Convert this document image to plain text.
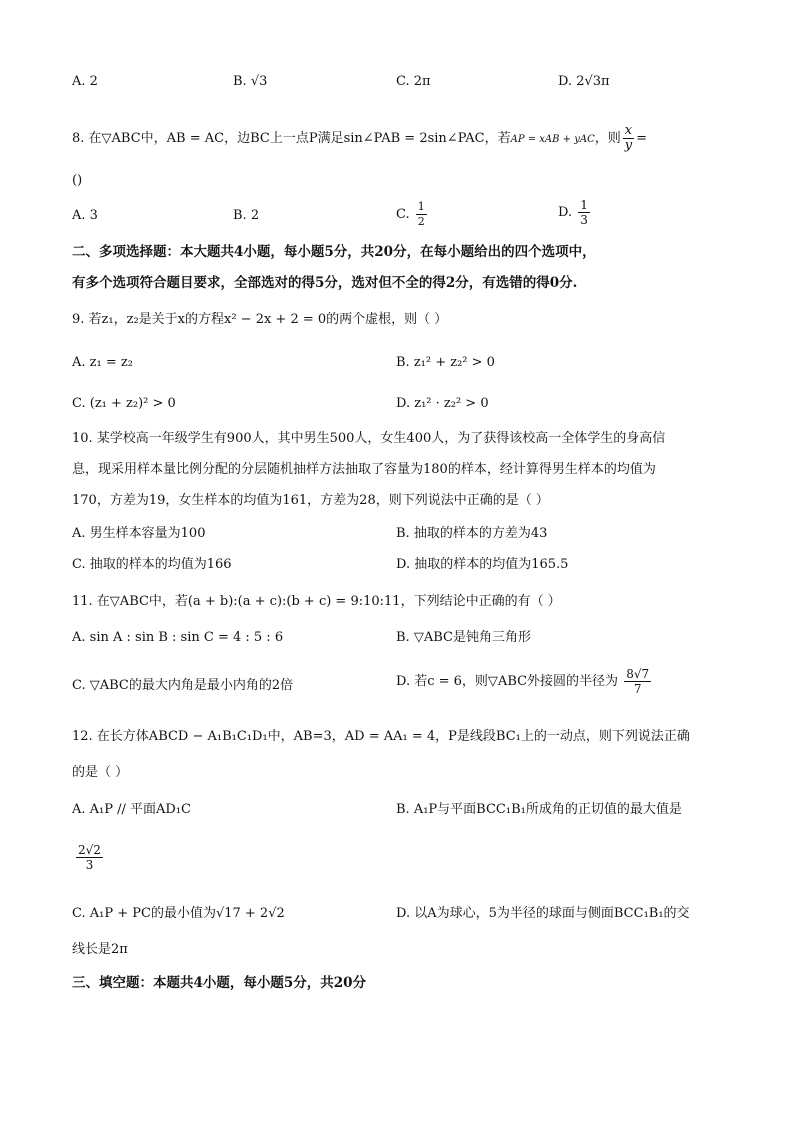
A. 2	B. √3	C. 2π	D. 2√3π
8. 在▽ABC中，AB = AC，边BC上一点P满足sin∠PAB = 2sin∠PAC，若AP = xAB + yAC，则 $\frac{x}{y}$ =
()
A. 3	B. 2	C. $\frac{1}{2}$	D. $\frac{1}{3}$
二、多项选择题：本大题共4小题，每小题5分，共20分，在每小题给出的四个选项中，
有多个选项符合题目要求，全部选对的得5分，选对但不全的得2分，有选错的得0分.
9. 若z₁，z₂是关于x的方程x² − 2x + 2 = 0的两个虚根，则（ ）
A. z₁ = z₂	B. z₁² + z₂² > 0
C. (z₁ + z₂)² > 0	D. z₁² · z₂² > 0
10. 某学校高一年级学生有900人，其中男生500人，女生400人，为了获得该校高一全体学生的身高信
息，现采用样本量比例分配的分层随机抽样方法抽取了容量为180的样本，经计算得男生样本的均值为
170，方差为19，女生样本的均值为161，方差为28，则下列说法中正确的是（ ）
A. 男生样本容量为100	B. 抽取的样本的方差为43
C. 抽取的样本的均值为166	D. 抽取的样本的均值为165.5
11. 在▽ABC中，若(a + b):(a + c):(b + c) = 9:10:11，下列结论中正确的有（ ）
A. sin A : sin B : sin C = 4 : 5 : 6	B. ▽ABC是钝角三角形
C. ▽ABC的最大内角是最小内角的2倍	D. 若c = 6，则▽ABC外接圆的半径为 $\frac{8√7}{7}$
12. 在长方体ABCD − A₁B₁C₁D₁中，AB=3，AD = AA₁ = 4，P是线段BC₁上的一动点，则下列说法正确
的是（ ）
A. A₁P // 平面AD₁C	B. A₁P与平面BCC₁B₁所成角的正切值的最大值是
$\frac{2√2}{3}$
C. A₁P + PC的最小值为√17 + 2√2	D. 以A为球心，5为半径的球面与侧面BCC₁B₁的交
线长是2π
三、填空题：本题共4小题，每小题5分，共20分
